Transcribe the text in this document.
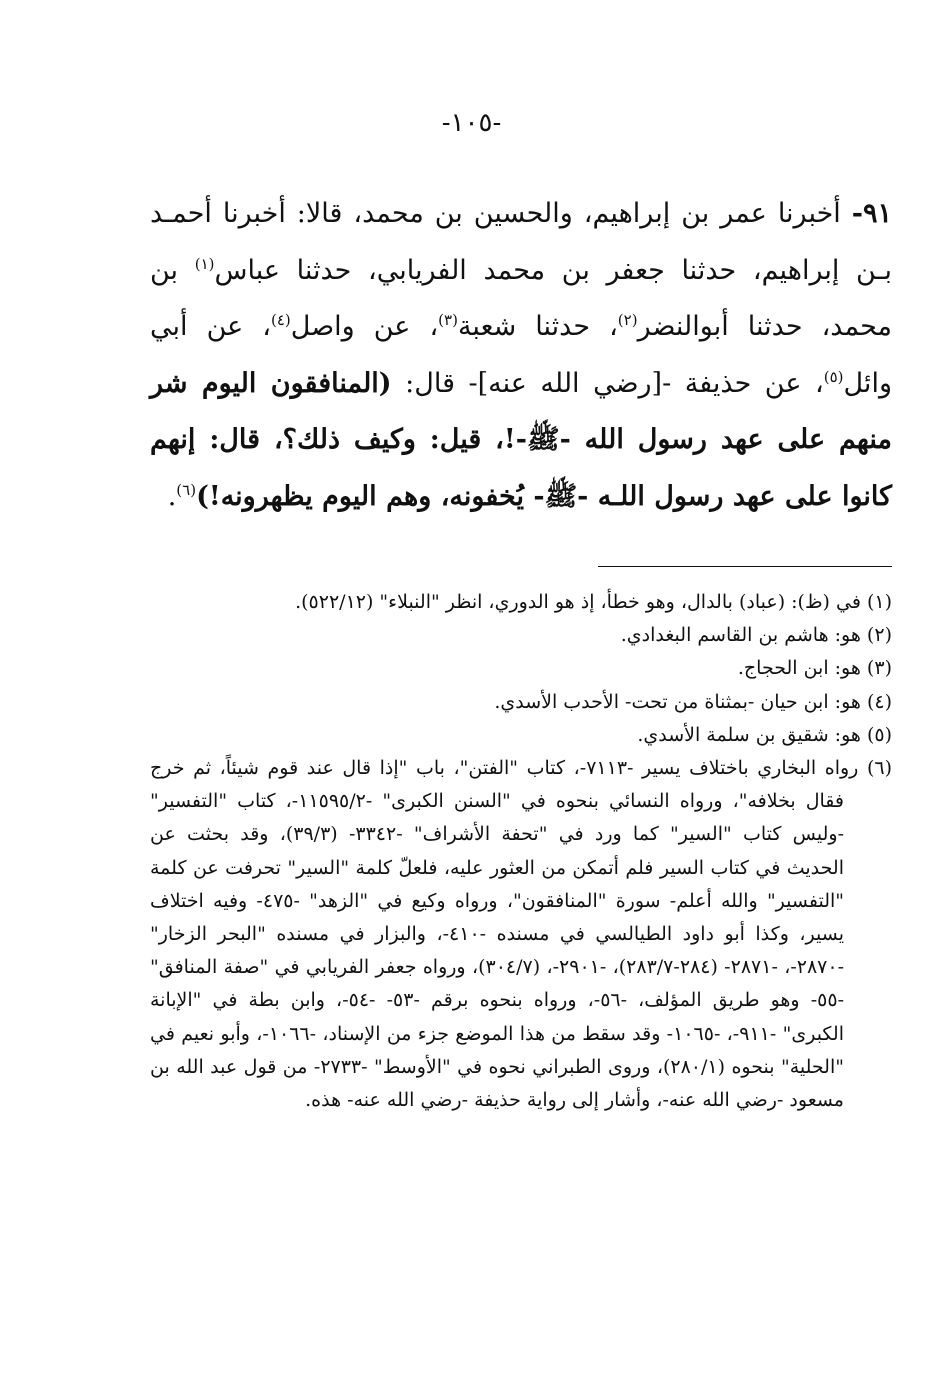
-١٠٥-
٩١- أخبرنا عمر بن إبراهيم، والحسين بن محمد، قالا: أخبرنا أحمـد بـن إبراهيم، حدثنا جعفر بن محمد الفريابي، حدثنا عباس$^{(١)}$ بن محمد، حدثنا أبوالنضر$^{(٢)}$، حدثنا شعبة$^{(٣)}$، عن واصل$^{(٤)}$، عن أبي وائل$^{(٥)}$، عن حذيفة -[رضي الله عنه]- قال: (المنافقون اليوم شر منهم على عهد رسول الله -ﷺ-!، قيل: وكيف ذلك؟، قال: إنهم كانوا على عهد رسول اللـه -ﷺ- يُخفونه، وهم اليوم يظهرونه!)$^{(٦)}$.
(١) في (ظ): (عباد) بالدال، وهو خطأ، إذ هو الدوري، انظر "النبلاء" (٥٢٢/١٢).
(٢) هو: هاشم بن القاسم البغدادي.
(٣) هو: ابن الحجاج.
(٤) هو: ابن حيان -بمثناة من تحت- الأحدب الأسدي.
(٥) هو: شقيق بن سلمة الأسدي.
(٦) رواه البخاري باختلاف يسير -٧١١٣-، كتاب "الفتن"، باب "إذا قال عند قوم شيئاً، ثم خرج فقال بخلافه"، ورواه النسائي بنحوه في "السنن الكبرى" -١١٥٩٥/٢-، كتاب "التفسير" -وليس كتاب "السير" كما ورد في "تحفة الأشراف" -٣٣٤٢- (٣٩/٣)، وقد بحثت عن الحديث في كتاب السير فلم أتمكن من العثور عليه، فلعلّ كلمة "السير" تحرفت عن كلمة "التفسير" والله أعلم- سورة "المنافقون"، ورواه وكيع في "الزهد" -٤٧٥- وفيه اختلاف يسير، وكذا أبو داود الطيالسي في مسنده -٤١٠-، والبزار في مسنده "البحر الزخار" -٢٨٧٠-، -٢٨٧١- (٢٨٤-٢٨٣/٧)، -٢٩٠١-، (٣٠٤/٧)، ورواه جعفر الفريابي في "صفة المنافق" -٥٥- وهو طريق المؤلف، -٥٦-، ورواه بنحوه برقم -٥٣- -٥٤-، وابن بطة في "الإبانة الكبرى" -٩١١-، -١٠٦٥- وقد سقط من هذا الموضع جزء من الإسناد، -١٠٦٦-، وأبو نعيم في "الحلية" بنحوه (٢٨٠/١)، وروى الطبراني نحوه في "الأوسط" -٢٧٣٣- من قول عبد الله بن مسعود -رضي الله عنه-، وأشار إلى رواية حذيفة -رضي الله عنه- هذه.
